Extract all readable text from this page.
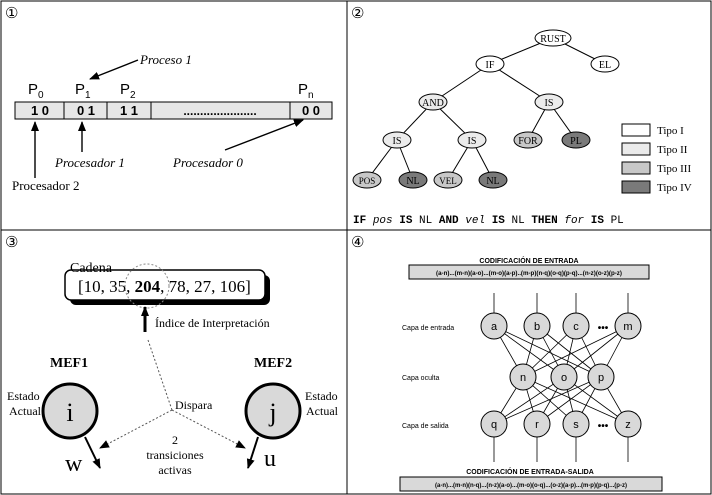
①
P 0 P 1 P 2	P n
1 0 0 1 1 1	......................	0 0
Proceso 1
Procesador 1	Procesador 0
Procesador 2
②
RUST
IF	EL
AND	IS
IS	IS	FOR	PL
POS	NL VEL	NL
Tipo I
Tipo II
Tipo III
Tipo IV
IF pos IS NL AND vel IS NL THEN for IS PL
③
Cadena
[10, 35, 204, 78, 27, 106]
Índice de Interpretación
MEF1	MEF2
Estado
Actual
Estado
Actual
i	j
w	u
Dispara
2
transiciones
activas
④
CODIFICACIÓN DE ENTRADA
(a-n)...(m-n)(a-o)...(m-o)(a-p)..(m-p)(n-q)(o-q)(p-q)...(n-z)(o-z)(p-z)
Capa de entrada
Capa oculta
Capa de salida
a	b	c ••• m
n	o	p
q	r	s ••• z
CODIFICACIÓN DE ENTRADA-SALIDA
(a-n)...(m-n)(n-q)...(n-z)(a-o)...(m-o)(o-q)...(o-z)(a-p)...(m-p)(p-q)...(p-z)
